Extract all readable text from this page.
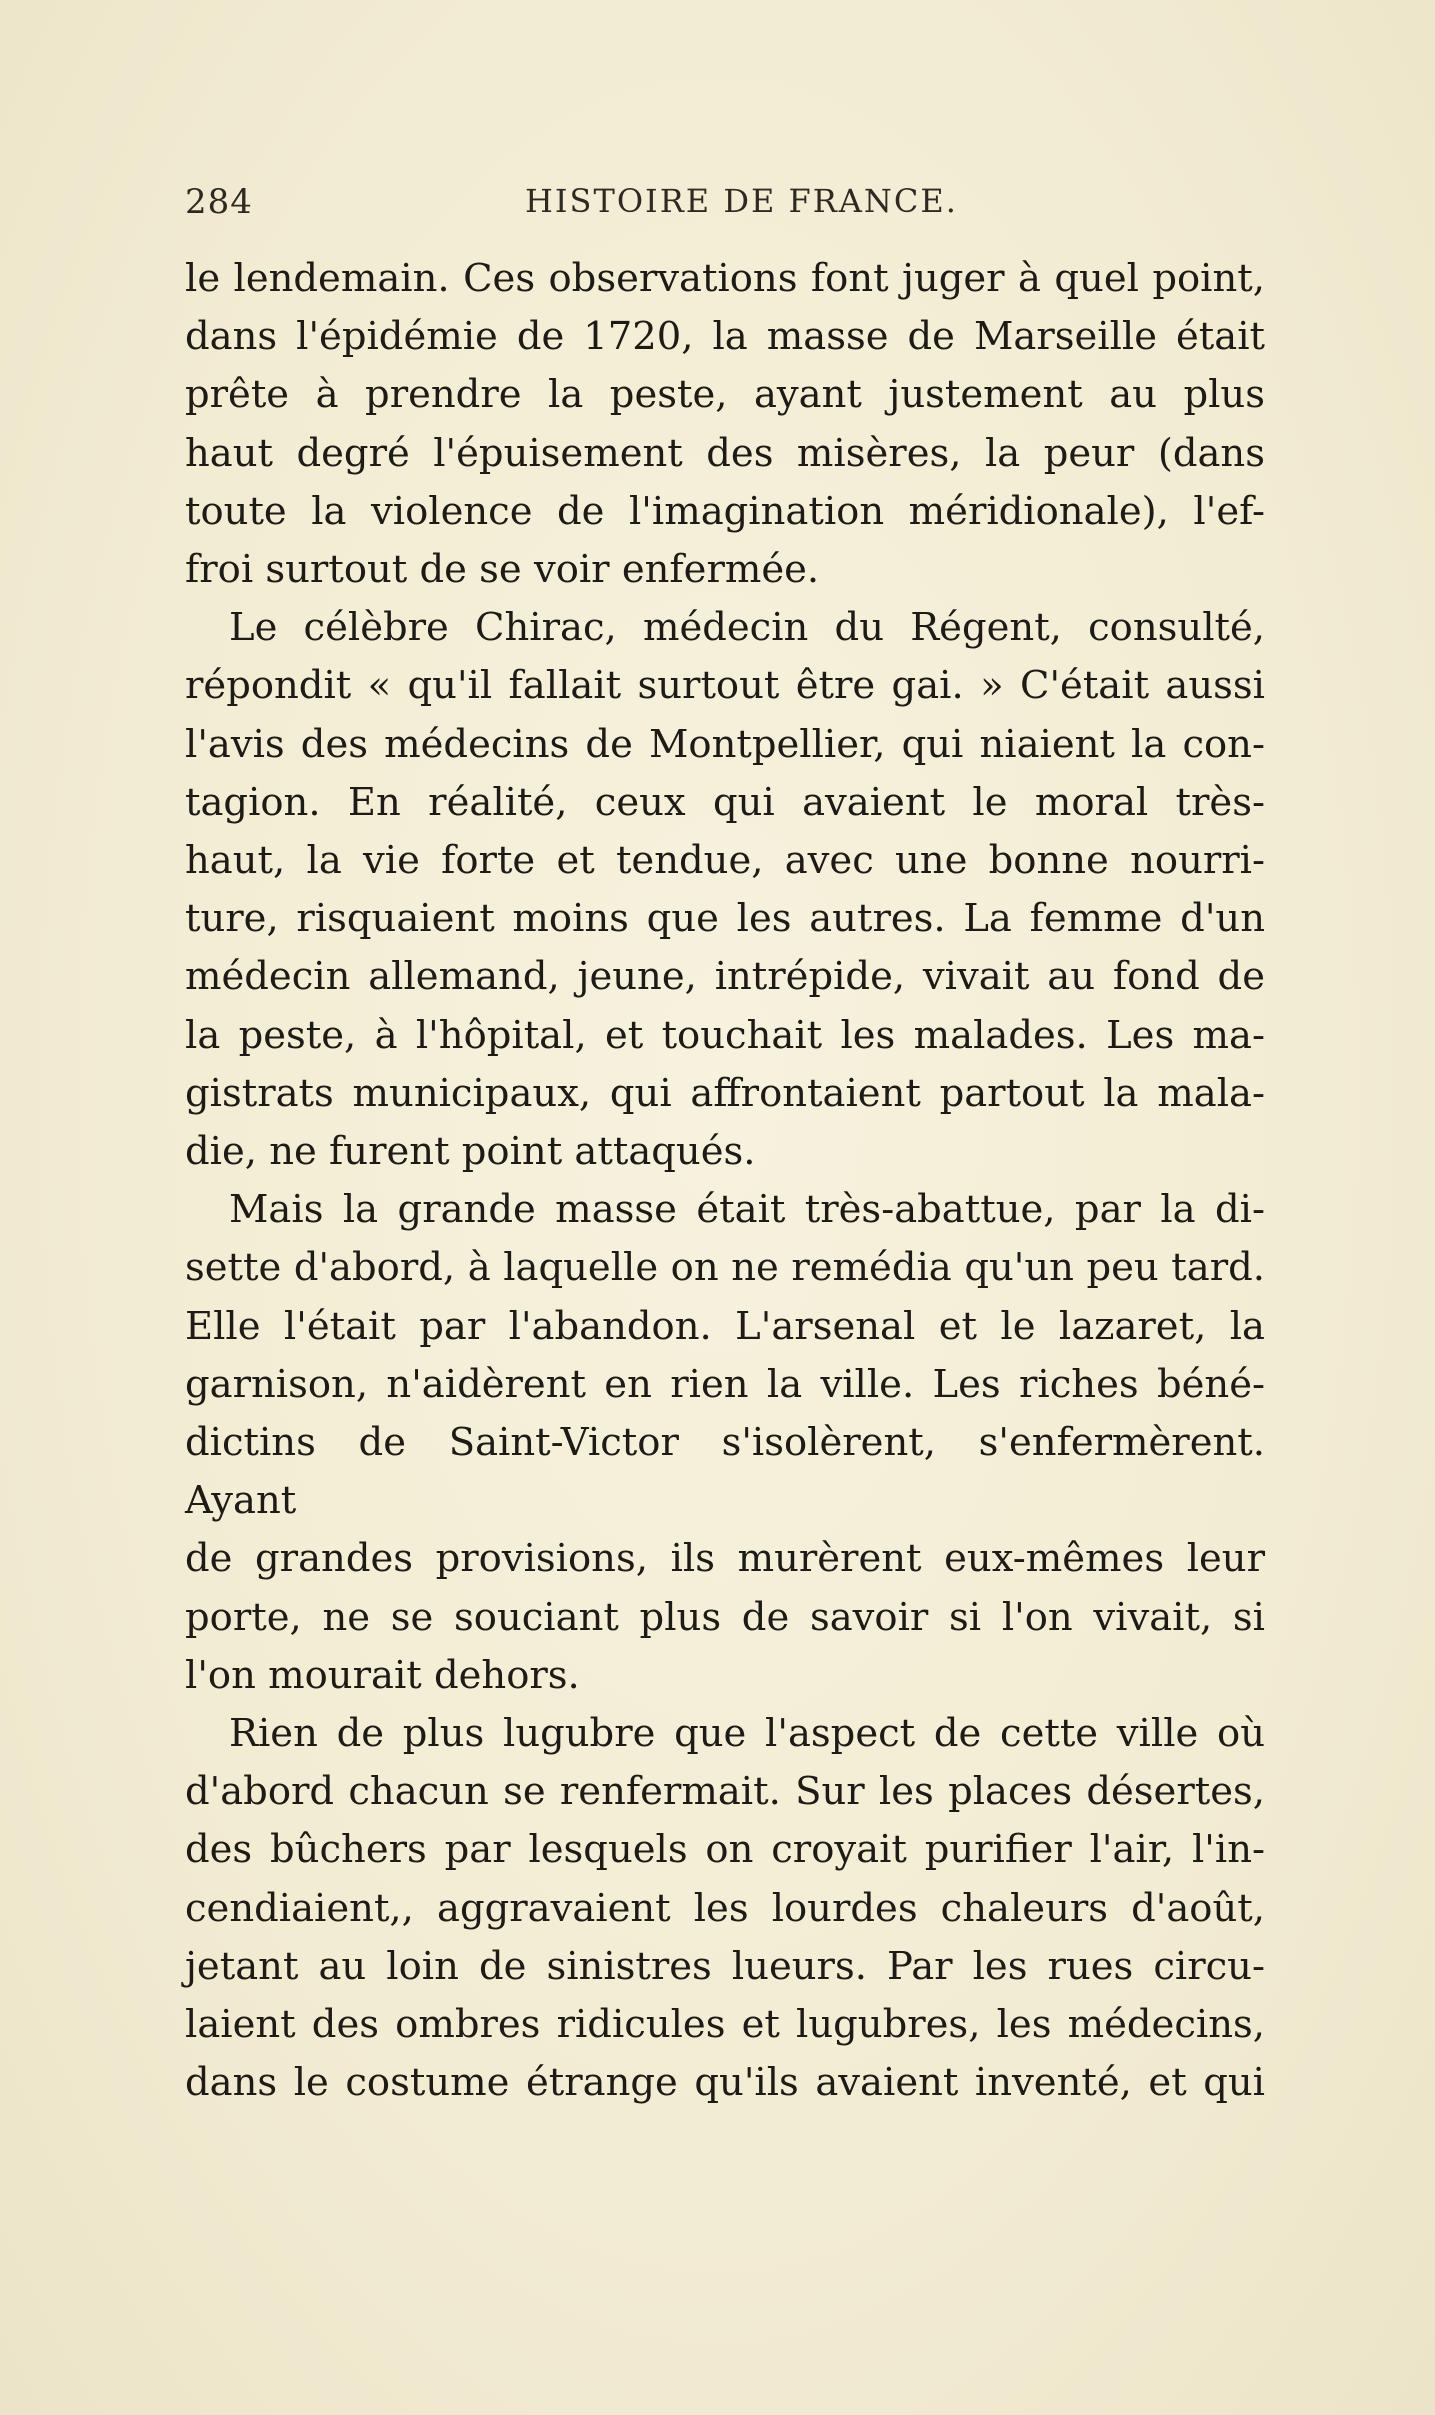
284	HISTOIRE DE FRANCE.

le lendemain. Ces observations font juger à quel point,

dans l'épidémie de 1720, la masse de Marseille était

prête à prendre la peste, ayant justement au plus

haut degré l'épuisement des misères, la peur (dans

toute la violence de l'imagination méridionale), l'ef-

froi surtout de se voir enfermée.

Le célèbre Chirac, médecin du Régent, consulté,

répondit « qu'il fallait surtout être gai. » C'était aussi

l'avis des médecins de Montpellier, qui niaient la con-

tagion. En réalité, ceux qui avaient le moral très-

haut, la vie forte et tendue, avec une bonne nourri-

ture, risquaient moins que les autres. La femme d'un

médecin allemand, jeune, intrépide, vivait au fond de

la peste, à l'hôpital, et touchait les malades. Les ma-

gistrats municipaux, qui affrontaient partout la mala-

die, ne furent point attaqués.

Mais la grande masse était très-abattue, par la di-

sette d'abord, à laquelle on ne remédia qu'un peu tard.

Elle l'était par l'abandon. L'arsenal et le lazaret, la

garnison, n'aidèrent en rien la ville. Les riches béné-

dictins de Saint-Victor s'isolèrent, s'enfermèrent. Ayant

de grandes provisions, ils murèrent eux-mêmes leur

porte, ne se souciant plus de savoir si l'on vivait, si

l'on mourait dehors.

Rien de plus lugubre que l'aspect de cette ville où

d'abord chacun se renfermait. Sur les places désertes,

des bûchers par lesquels on croyait purifier l'air, l'in-

cendiaient,, aggravaient les lourdes chaleurs d'août,

jetant au loin de sinistres lueurs. Par les rues circu-

laient des ombres ridicules et lugubres, les médecins,

dans le costume étrange qu'ils avaient inventé, et qui
